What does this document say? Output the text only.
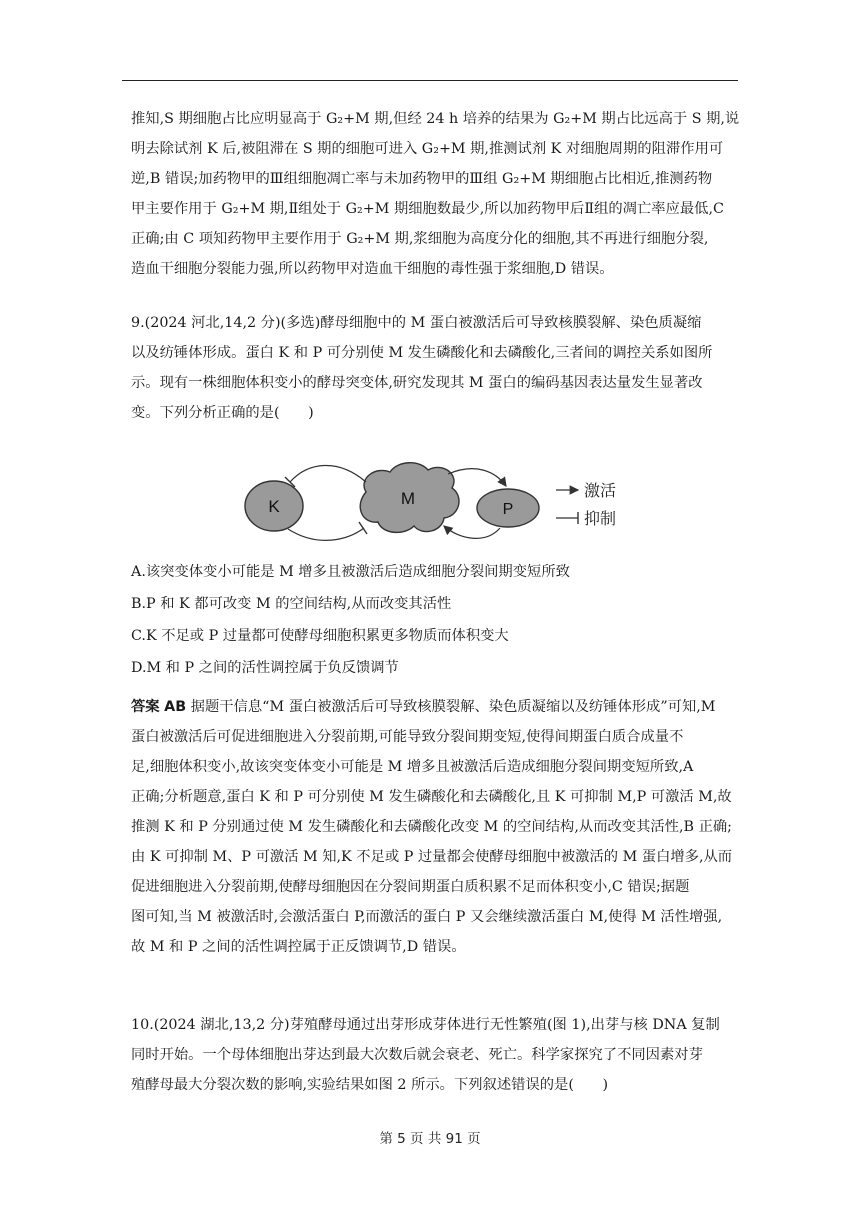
推知,S 期细胞占比应明显高于 G₂+M 期,但经 24 h 培养的结果为 G₂+M 期占比远高于 S 期,说
明去除试剂 K 后,被阻滞在 S 期的细胞可进入 G₂+M 期,推测试剂 K 对细胞周期的阻滞作用可
逆,B 错误;加药物甲的Ⅲ组细胞凋亡率与未加药物甲的Ⅲ组 G₂+M 期细胞占比相近,推测药物
甲主要作用于 G₂+M 期,Ⅱ组处于 G₂+M 期细胞数最少,所以加药物甲后Ⅱ组的凋亡率应最低,C
正确;由 C 项知药物甲主要作用于 G₂+M 期,浆细胞为高度分化的细胞,其不再进行细胞分裂,
造血干细胞分裂能力强,所以药物甲对造血干细胞的毒性强于浆细胞,D 错误。
9.(2024 河北,14,2 分)(多选)酵母细胞中的 M 蛋白被激活后可导致核膜裂解、染色质凝缩
以及纺锤体形成。蛋白 K 和 P 可分别使 M 发生磷酸化和去磷酸化,三者间的调控关系如图所
示。现有一株细胞体积变小的酵母突变体,研究发现其 M 蛋白的编码基因表达量发生显著改
变。下列分析正确的是(　　)
K	M
P
激活
抑制
A.该突变体变小可能是 M 增多且被激活后造成细胞分裂间期变短所致
B.P 和 K 都可改变 M 的空间结构,从而改变其活性
C.K 不足或 P 过量都可使酵母细胞积累更多物质而体积变大
D.M 和 P 之间的活性调控属于负反馈调节
答案 AB 据题干信息“M 蛋白被激活后可导致核膜裂解、染色质凝缩以及纺锤体形成”可知,M
蛋白被激活后可促进细胞进入分裂前期,可能导致分裂间期变短,使得间期蛋白质合成量不
足,细胞体积变小,故该突变体变小可能是 M 增多且被激活后造成细胞分裂间期变短所致,A
正确;分析题意,蛋白 K 和 P 可分别使 M 发生磷酸化和去磷酸化,且 K 可抑制 M,P 可激活 M,故
推测 K 和 P 分别通过使 M 发生磷酸化和去磷酸化改变 M 的空间结构,从而改变其活性,B 正确;
由 K 可抑制 M、P 可激活 M 知,K 不足或 P 过量都会使酵母细胞中被激活的 M 蛋白增多,从而
促进细胞进入分裂前期,使酵母细胞因在分裂间期蛋白质积累不足而体积变小,C 错误;据题
图可知,当 M 被激活时,会激活蛋白 P,而激活的蛋白 P 又会继续激活蛋白 M,使得 M 活性增强,
故 M 和 P 之间的活性调控属于正反馈调节,D 错误。
10.(2024 湖北,13,2 分)芽殖酵母通过出芽形成芽体进行无性繁殖(图 1),出芽与核 DNA 复制
同时开始。一个母体细胞出芽达到最大次数后就会衰老、死亡。科学家探究了不同因素对芽
殖酵母最大分裂次数的影响,实验结果如图 2 所示。下列叙述错误的是(　　)
第 5 页 共 91 页
